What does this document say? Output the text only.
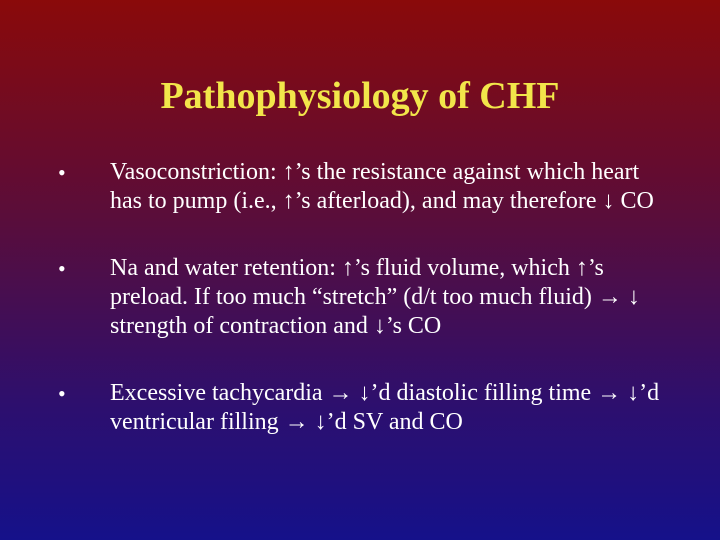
Pathophysiology of CHF
•	Vasoconstriction: ↑’s the resistance against which heart has to pump (i.e., ↑’s afterload), and may therefore ↓ CO
•	Na and water retention: ↑’s fluid volume, which ↑’s preload. If too much “stretch” (d/t too much fluid) → ↓ strength of contraction and ↓’s CO
•	Excessive tachycardia → ↓’d diastolic filling time → ↓’d ventricular filling → ↓’d SV and CO
